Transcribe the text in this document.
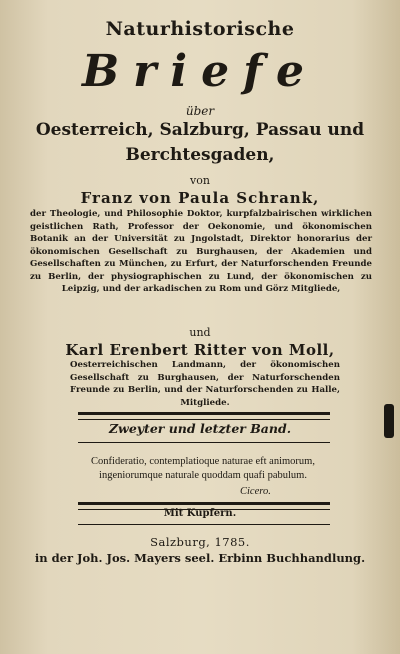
Naturhistorische
Briefe
über
Oesterreich, Salzburg, Passau und
Berchtesgaden,
von
Franz von Paula Schrank,
der Theologie, und Philosophie Doktor, kurpfalzbairischen wirklichen geistlichen Rath, Professor der Oekonomie, und ökonomischen Botanik an der Universität zu Jngolstadt, Direktor honorarius der ökonomischen Gesellschaft zu Burghausen, der Akademien und Gesellschaften zu München, zu Erfurt, der Naturforschenden Freunde zu Berlin, der physiographischen zu Lund, der ökonomischen zu Leipzig, und der arkadischen zu Rom und Görz Mitgliede,
und
Karl Erenbert Ritter von Moll,
Oesterreichischen Landmann, der ökonomischen Gesellschaft zu Burghausen, der Naturforschenden Freunde zu Berlin, und der Naturforschenden zu Halle, Mitgliede.
Zweyter und letzter Band.
Confideratio, contemplatioque naturae eft animorum, ingeniorumque naturale quoddam quafi pabulum.
Cicero.
Mit Kupfern.
Salzburg, 1785.
in der Joh. Jos. Mayers seel. Erbinn Buchhandlung.
